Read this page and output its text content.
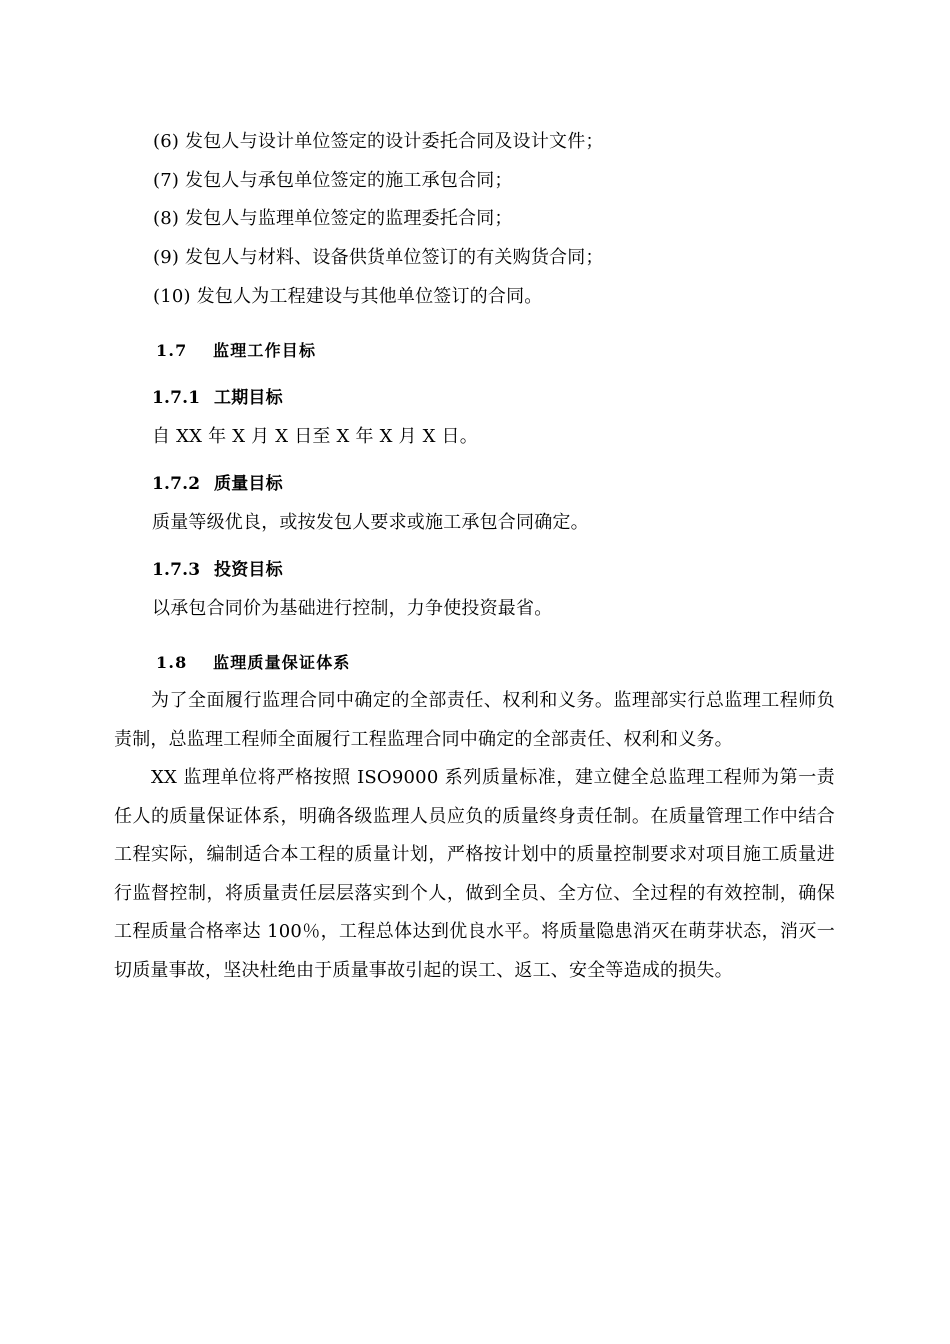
(6) 发包人与设计单位签定的设计委托合同及设计文件；
(7) 发包人与承包单位签定的施工承包合同；
(8) 发包人与监理单位签定的监理委托合同；
(9) 发包人与材料、设备供货单位签订的有关购货合同；
(10) 发包人为工程建设与其他单位签订的合同。
1.7 监理工作目标
1.7.1 工期目标
自 XX 年 X 月 X 日至 X 年 X 月 X 日。
1.7.2 质量目标
质量等级优良，或按发包人要求或施工承包合同确定。
1.7.3 投资目标
以承包合同价为基础进行控制，力争使投资最省。
1.8 监理质量保证体系
为了全面履行监理合同中确定的全部责任、权利和义务。监理部实行总监理工程师负责制，总监理工程师全面履行工程监理合同中确定的全部责任、权利和义务。
XX 监理单位将严格按照 ISO9000 系列质量标准，建立健全总监理工程师为第一责任人的质量保证体系，明确各级监理人员应负的质量终身责任制。在质量管理工作中结合工程实际，编制适合本工程的质量计划，严格按计划中的质量控制要求对项目施工质量进行监督控制，将质量责任层层落实到个人，做到全员、全方位、全过程的有效控制，确保工程质量合格率达 100％，工程总体达到优良水平。将质量隐患消灭在萌芽状态，消灭一切质量事故，坚决杜绝由于质量事故引起的误工、返工、安全等造成的损失。
